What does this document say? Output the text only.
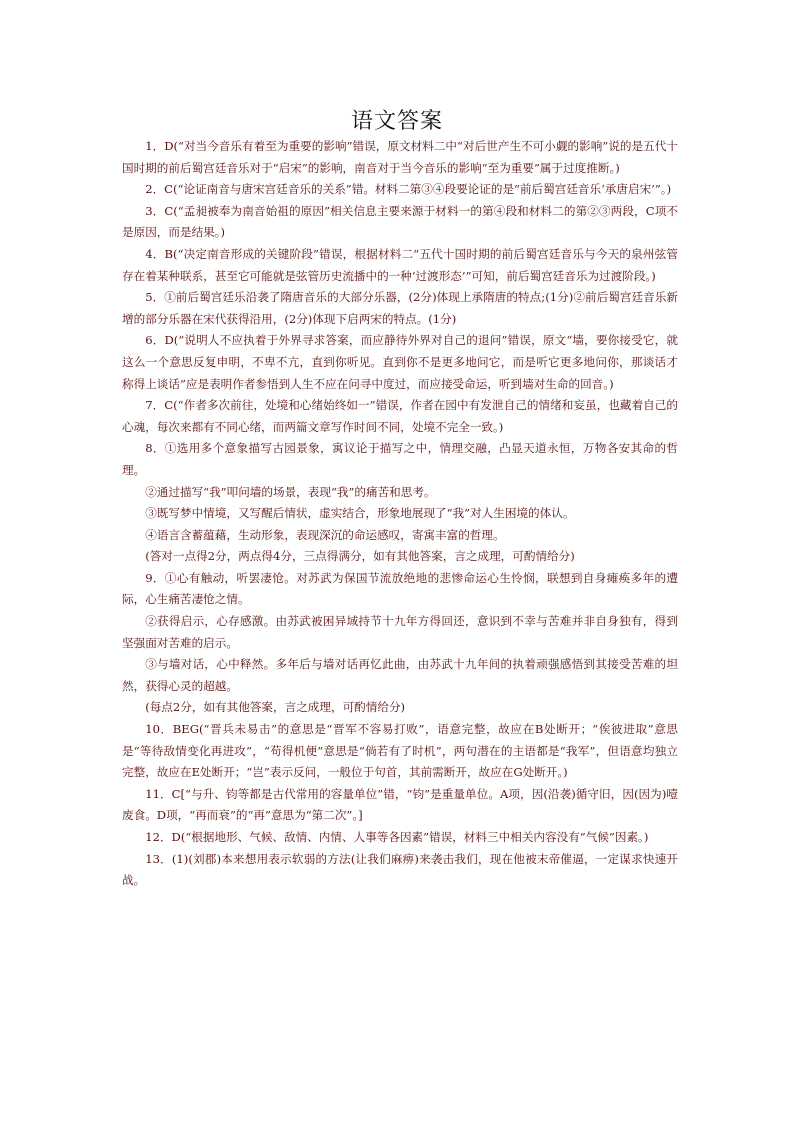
语文答案

1．D(“对当今音乐有着至为重要的影响”错误，原文材料二中“对后世产生不可小觑的影响”说的是五代十国时期的前后蜀宫廷音乐对于“启宋”的影响，南音对于当今音乐的影响“至为重要”属于过度推断。)

2．C(“论证南音与唐宋宫廷音乐的关系”错。材料二第③④段要论证的是“前后蜀宫廷音乐‘承唐启宋’”。)

3．C(“孟昶被奉为南音始祖的原因”相关信息主要来源于材料一的第④段和材料二的第②③两段，C项不是原因，而是结果。)

4．B(“决定南音形成的关键阶段”错误，根据材料二“五代十国时期的前后蜀宫廷音乐与今天的泉州弦管存在着某种联系，甚至它可能就是弦管历史流播中的一种‘过渡形态’”可知，前后蜀宫廷音乐为过渡阶段。)

5．①前后蜀宫廷乐沿袭了隋唐音乐的大部分乐器，(2分)体现上承隋唐的特点;(1分)②前后蜀宫廷音乐新增的部分乐器在宋代获得沿用，(2分)体现下启两宋的特点。(1分)

6．D(“说明人不应执着于外界寻求答案，而应静待外界对自己的退问”错误，原文“墙，要你接受它，就这么一个意思反复申明，不卑不亢，直到你听见。直到你不是更多地问它，而是听它更多地问你，那谈话才称得上谈话”应是表明作者参悟到人生不应在问寻中度过，而应接受命运，听到墙对生命的回音。)

7．C(“作者多次前往，处境和心绪始终如一”错误，作者在园中有发泄自己的情绪和妄虽，也藏着自己的心魂，每次来都有不同心绪，而两篇文章写作时间不同，处境不完全一致。)

8．①选用多个意象描写古园景象，寓议论于描写之中，情理交融，凸显天道永恒，万物各安其命的哲理。

②通过描写“我”叩问墙的场景，表现“我”的痛苦和思考。

③既写梦中情境，又写醒后情状，虚实结合，形象地展现了“我”对人生困境的体认。

④语言含蓄蕴藉，生动形象，表现深沉的命运感叹，寄寓丰富的哲理。

(答对一点得2分，两点得4分，三点得满分，如有其他答案，言之成理，可酌情给分)

9．①心有触动，听罢凄怆。对苏武为保国节流放绝地的悲惨命运心生怜悯，联想到自身瘫痪多年的遭际，心生痛苦凄怆之情。

②获得启示，心存感激。由苏武被困异域持节十九年方得回还，意识到不幸与苦难并非自身独有，得到坚强面对苦难的启示。

③与墙对话，心中释然。多年后与墙对话再忆此曲，由苏武十九年间的执着顽强感悟到其接受苦难的坦然，获得心灵的超越。

(每点2分，如有其他答案，言之成理，可酌情给分)

10．BEG(“晋兵未易击”的意思是“晋军不容易打败”，语意完整，故应在B处断开；“俟彼进取”意思是“等待敌情变化再进攻”，“苟得机便”意思是“倘若有了时机”，两句潜在的主语都是“我军”，但语意均独立完整，故应在E处断开；“岂”表示反问，一般位于句首，其前需断开，故应在G处断开。)

11．C[“与升、钧等都是古代常用的容量单位”错，“钧”是重量单位。A项，因(沿袭)循守旧，因(因为)噎废食。D项，“再而衰”的“再”意思为“第二次”。]

12．D(“根据地形、气候、敌情、内情、人事等各因素”错误，材料三中相关内容没有“气候”因素。)

13．(1)(刘郡)本来想用表示软弱的方法(让我们麻痹)来袭击我们，现在他被末帝催逼，一定谋求快速开战。
